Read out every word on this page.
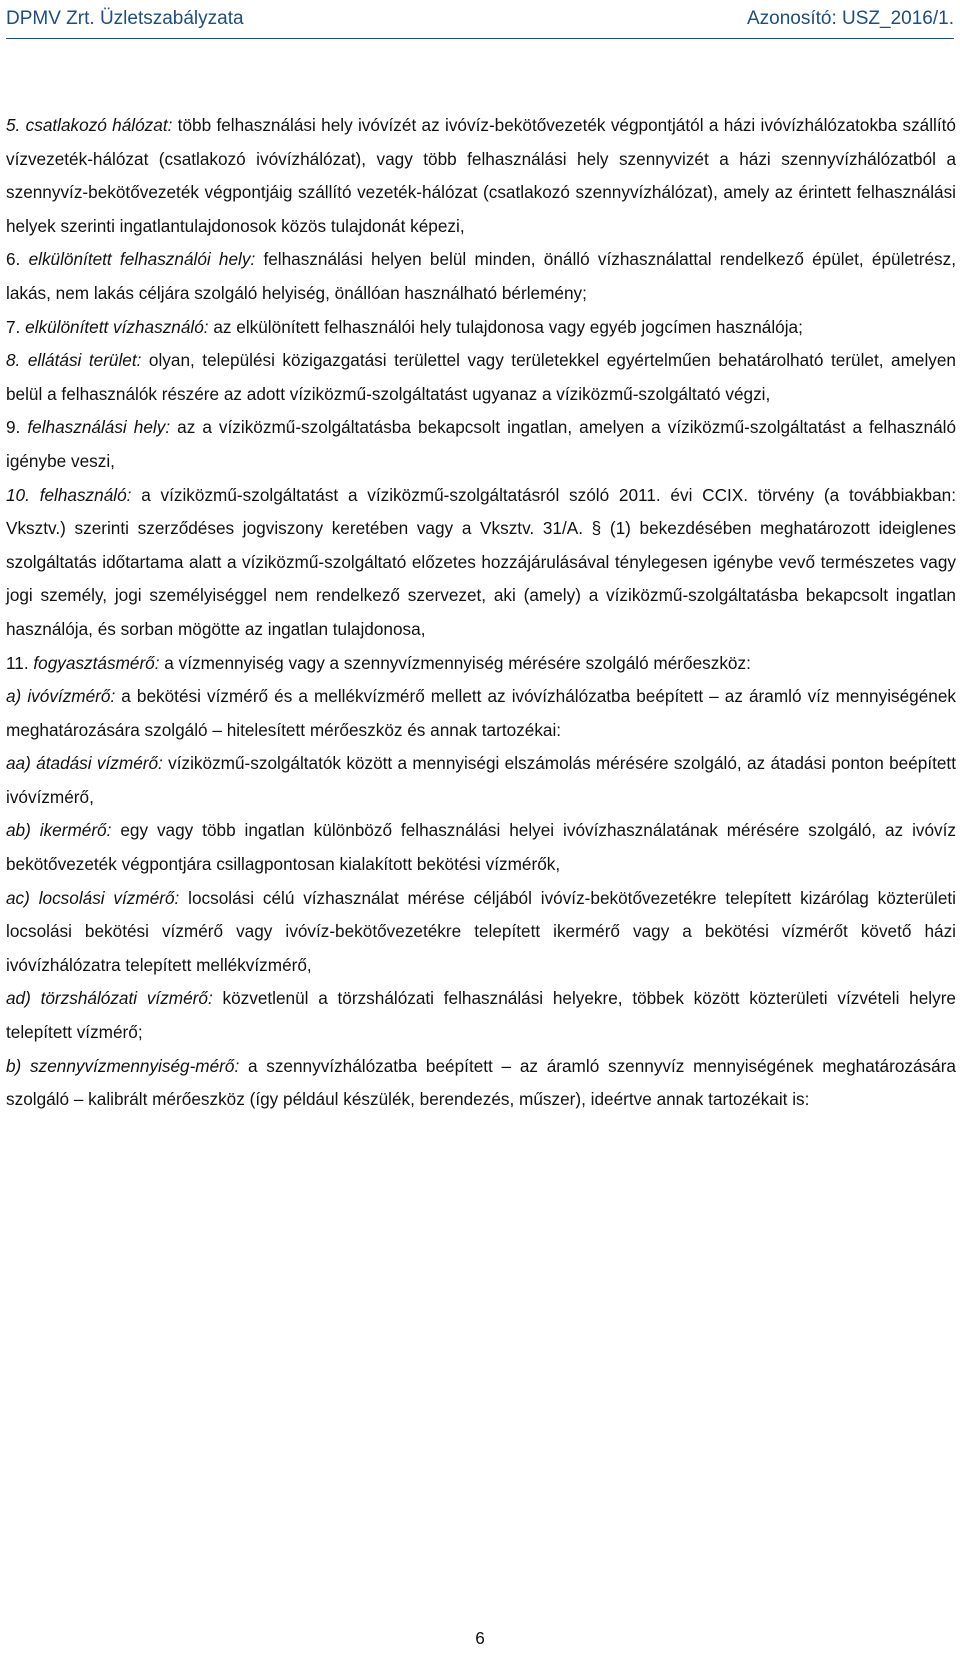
DPMV Zrt. Üzletszabályzata	Azonosító: USZ_2016/1.

5. csatlakozó hálózat: több felhasználási hely ivóvízét az ivóvíz-bekötővezeték végpontjától a házi ivóvízhálózatokba szállító vízvezeték-hálózat (csatlakozó ivóvízhálózat), vagy több felhasználási hely szennyvizét a házi szennyvízhálózatból a szennyvíz-bekötővezeték végpontjáig szállító vezeték-hálózat (csatlakozó szennyvízhálózat), amely az érintett felhasználási helyek szerinti ingatlantulajdonosok közös tulajdonát képezi,

6. elkülönített felhasználói hely: felhasználási helyen belül minden, önálló vízhasználattal rendelkező épület, épületrész, lakás, nem lakás céljára szolgáló helyiség, önállóan használható bérlemény;

7. elkülönített vízhasználó: az elkülönített felhasználói hely tulajdonosa vagy egyéb jogcímen használója;

8. ellátási terület: olyan, települési közigazgatási területtel vagy területekkel egyértelműen behatárolható terület, amelyen belül a felhasználók részére az adott víziközmű-szolgáltatást ugyanaz a víziközmű-szolgáltató végzi,

9. felhasználási hely: az a víziközmű-szolgáltatásba bekapcsolt ingatlan, amelyen a víziközmű-szolgáltatást a felhasználó igénybe veszi,

10. felhasználó: a víziközmű-szolgáltatást a víziközmű-szolgáltatásról szóló 2011. évi CCIX. törvény (a továbbiakban: Vksztv.) szerinti szerződéses jogviszony keretében vagy a Vksztv. 31/A. § (1) bekezdésében meghatározott ideiglenes szolgáltatás időtartama alatt a víziközmű-szolgáltató előzetes hozzájárulásával ténylegesen igénybe vevő természetes vagy jogi személy, jogi személyiséggel nem rendelkező szervezet, aki (amely) a víziközmű-szolgáltatásba bekapcsolt ingatlan használója, és sorban mögötte az ingatlan tulajdonosa,

11. fogyasztásmérő: a vízmennyiség vagy a szennyvízmennyiség mérésére szolgáló mérőeszköz:

a) ivóvízmérő: a bekötési vízmérő és a mellékvízmérő mellett az ivóvízhálózatba beépített – az áramló víz mennyiségének meghatározására szolgáló – hitelesített mérőeszköz és annak tartozékai:

aa) átadási vízmérő: víziközmű-szolgáltatók között a mennyiségi elszámolás mérésére szolgáló, az átadási ponton beépített ivóvízmérő,

ab) ikermérő: egy vagy több ingatlan különböző felhasználási helyei ivóvízhasználatának mérésére szolgáló, az ivóvíz bekötővezeték végpontjára csillagpontosan kialakított bekötési vízmérők,

ac) locsolási vízmérő: locsolási célú vízhasználat mérése céljából ivóvíz-bekötővezetékre telepített kizárólag közterületi locsolási bekötési vízmérő vagy ivóvíz-bekötővezetékre telepített ikermérő vagy a bekötési vízmérőt követő házi ivóvízhálózatra telepített mellékvízmérő,

ad) törzshálózati vízmérő: közvetlenül a törzshálózati felhasználási helyekre, többek között közterületi vízvételi helyre telepített vízmérő;

b) szennyvízmennyiség-mérő: a szennyvízhálózatba beépített – az áramló szennyvíz mennyiségének meghatározására szolgáló – kalibrált mérőeszköz (így például készülék, berendezés, műszer), ideértve annak tartozékait is:

6
